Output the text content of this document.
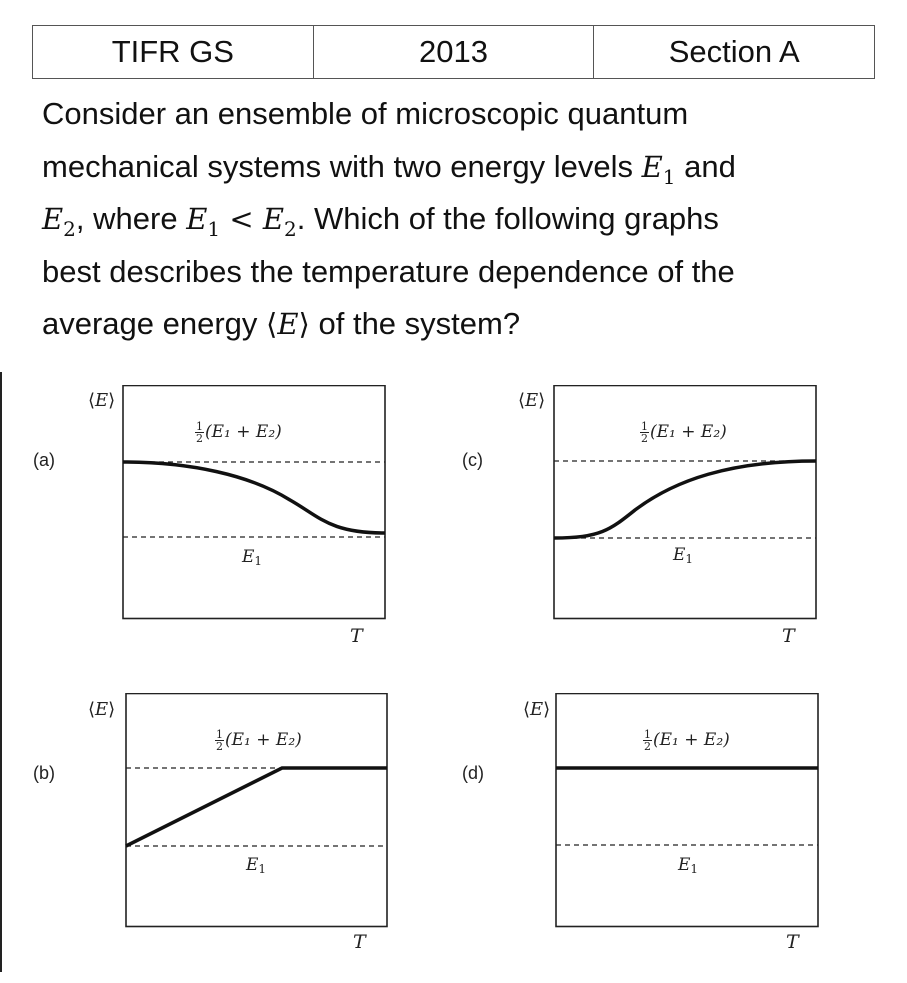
TIFR GS	2013	Section A
Consider an ensemble of microscopic quantum
mechanical systems with two energy levels $E_1$ and
$E_2$, where $E_1 < E_2$. Which of the following graphs
best describes the temperature dependence of the
average energy ⟨E⟩ of the system?
(a)
⟨E⟩
$\frac{1}{2} (E_1 + E_2)$
$E_1$
T
(c)
⟨E⟩
$\frac{1}{2} (E_1 + E_2)$
$E_1$
T
(b)
⟨E⟩
$\frac{1}{2} (E_1 + E_2)$
$E_1$
T
(d)
⟨E⟩
$\frac{1}{2} (E_1 + E_2)$
$E_1$
T
